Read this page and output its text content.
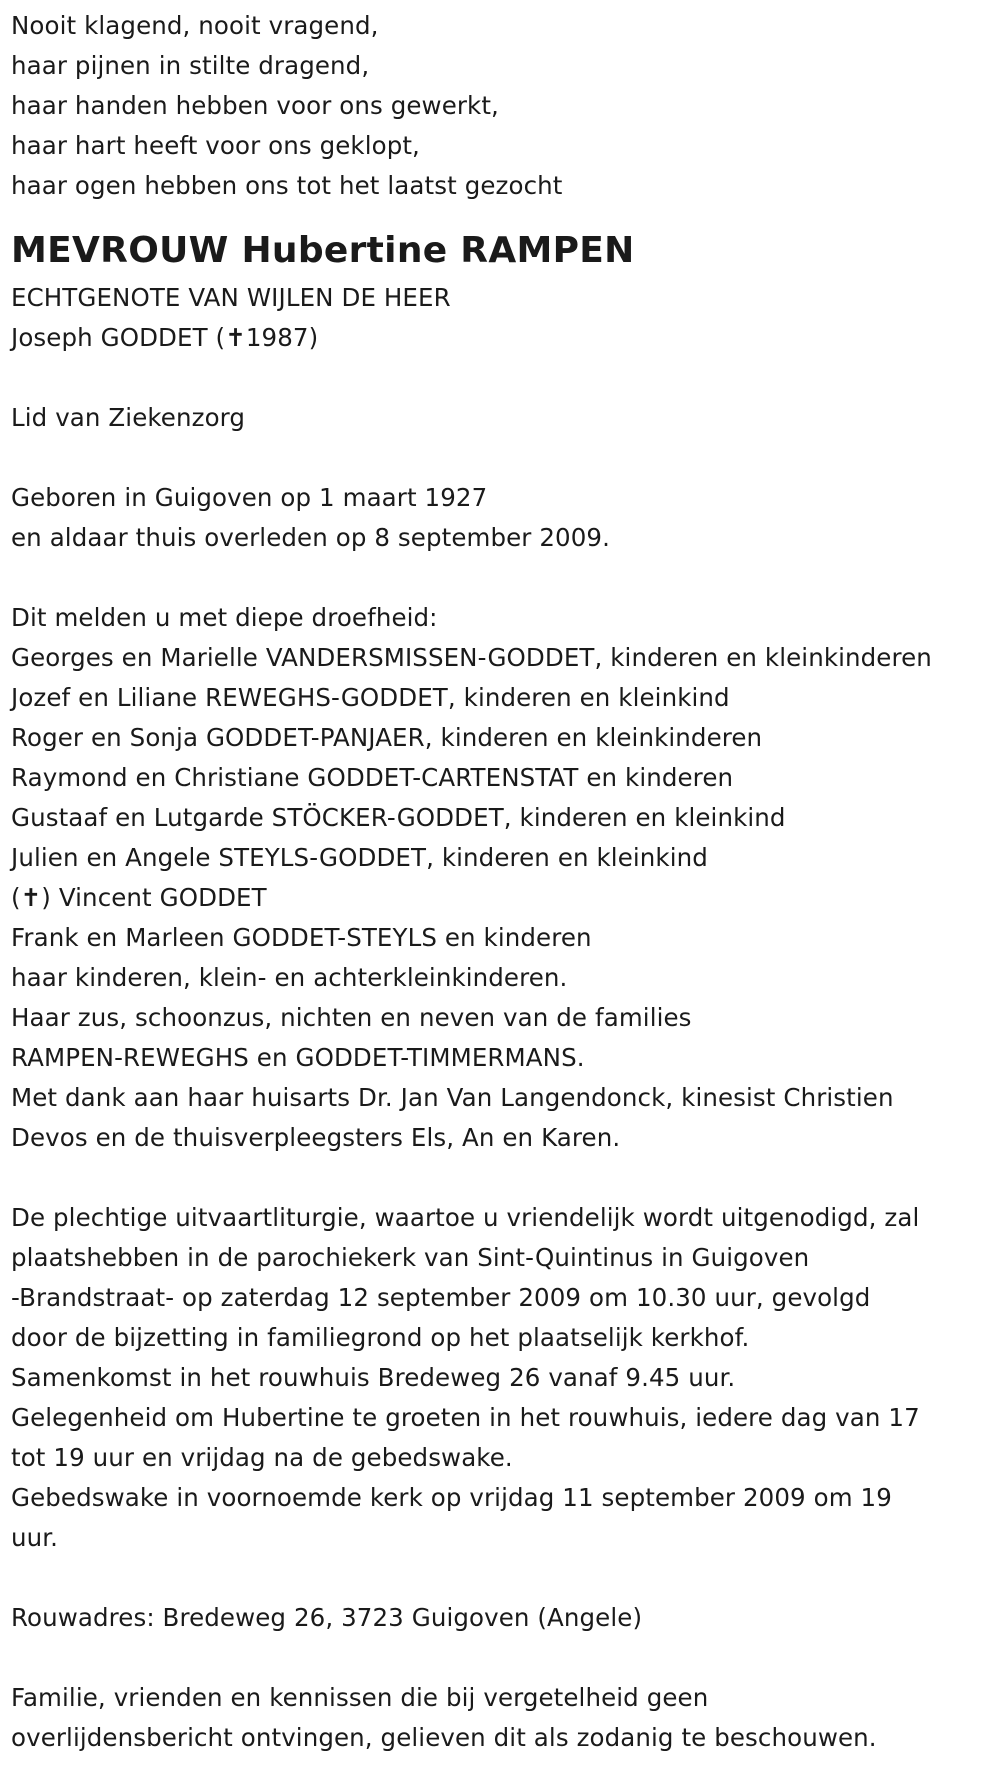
Nooit klagend, nooit vragend,
haar pijnen in stilte dragend,
haar handen hebben voor ons gewerkt,
haar hart heeft voor ons geklopt,
haar ogen hebben ons tot het laatst gezocht
MEVROUW Hubertine RAMPEN
ECHTGENOTE VAN WIJLEN DE HEER
Joseph GODDET (✝1987)
Lid van Ziekenzorg
Geboren in Guigoven op 1 maart 1927
en aldaar thuis overleden op 8 september 2009.
Dit melden u met diepe droefheid:
Georges en Marielle VANDERSMISSEN-GODDET, kinderen en kleinkinderen
Jozef en Liliane REWEGHS-GODDET, kinderen en kleinkind
Roger en Sonja GODDET-PANJAER, kinderen en kleinkinderen
Raymond en Christiane GODDET-CARTENSTAT en kinderen
Gustaaf en Lutgarde STÖCKER-GODDET, kinderen en kleinkind
Julien en Angele STEYLS-GODDET, kinderen en kleinkind
(✝) Vincent GODDET
Frank en Marleen GODDET-STEYLS en kinderen
haar kinderen, klein- en achterkleinkinderen.
Haar zus, schoonzus, nichten en neven van de families
RAMPEN-REWEGHS en GODDET-TIMMERMANS.
Met dank aan haar huisarts Dr. Jan Van Langendonck, kinesist Christien
Devos en de thuisverpleegsters Els, An en Karen.
De plechtige uitvaartliturgie, waartoe u vriendelijk wordt uitgenodigd, zal
plaatshebben in de parochiekerk van Sint-Quintinus in Guigoven
-Brandstraat- op zaterdag 12 september 2009 om 10.30 uur, gevolgd
door de bijzetting in familiegrond op het plaatselijk kerkhof.
Samenkomst in het rouwhuis Bredeweg 26 vanaf 9.45 uur.
Gelegenheid om Hubertine te groeten in het rouwhuis, iedere dag van 17
tot 19 uur en vrijdag na de gebedswake.
Gebedswake in voornoemde kerk op vrijdag 11 september 2009 om 19
uur.
Rouwadres: Bredeweg 26, 3723 Guigoven (Angele)
Familie, vrienden en kennissen die bij vergetelheid geen
overlijdensbericht ontvingen, gelieven dit als zodanig te beschouwen.
